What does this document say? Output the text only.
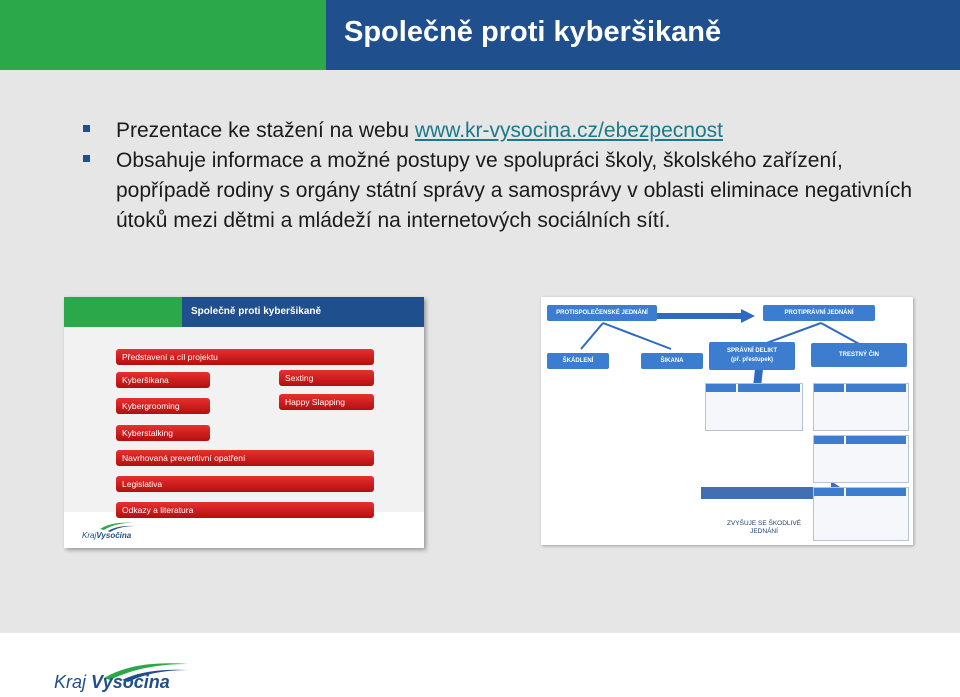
Společně proti kyberšikaně
Prezentace ke stažení na webu www.kr-vysocina.cz/ebezpecnost
Obsahuje informace a možné postupy ve spolupráci školy, školského zařízení, popřípadě rodiny s orgány státní správy a samosprávy v oblasti eliminace negativních útoků mezi dětmi a mládeží na internetových sociálních sítí.
Společně proti kyberšikaně
Představení a cíl projektu
Kyberšikana	Sexting
Kybergrooming	Happy Slapping
Kyberstalking
Navrhovaná preventivní opatření
Legislativa
Odkazy a literatura
KrajVysočina
PROTISPOLEČENSKÉ JEDNÁNÍ	PROTIPRÁVNÍ JEDNÁNÍ
ŠKÁDLENÍ	ŠIKANA
SPRÁVNÍ DELIKT
(př. přestupek)
TRESTNÝ ČIN
ZVYŠUJE SE ŠKODLIVÉ
JEDNÁNÍ
Kraj Vysočina
